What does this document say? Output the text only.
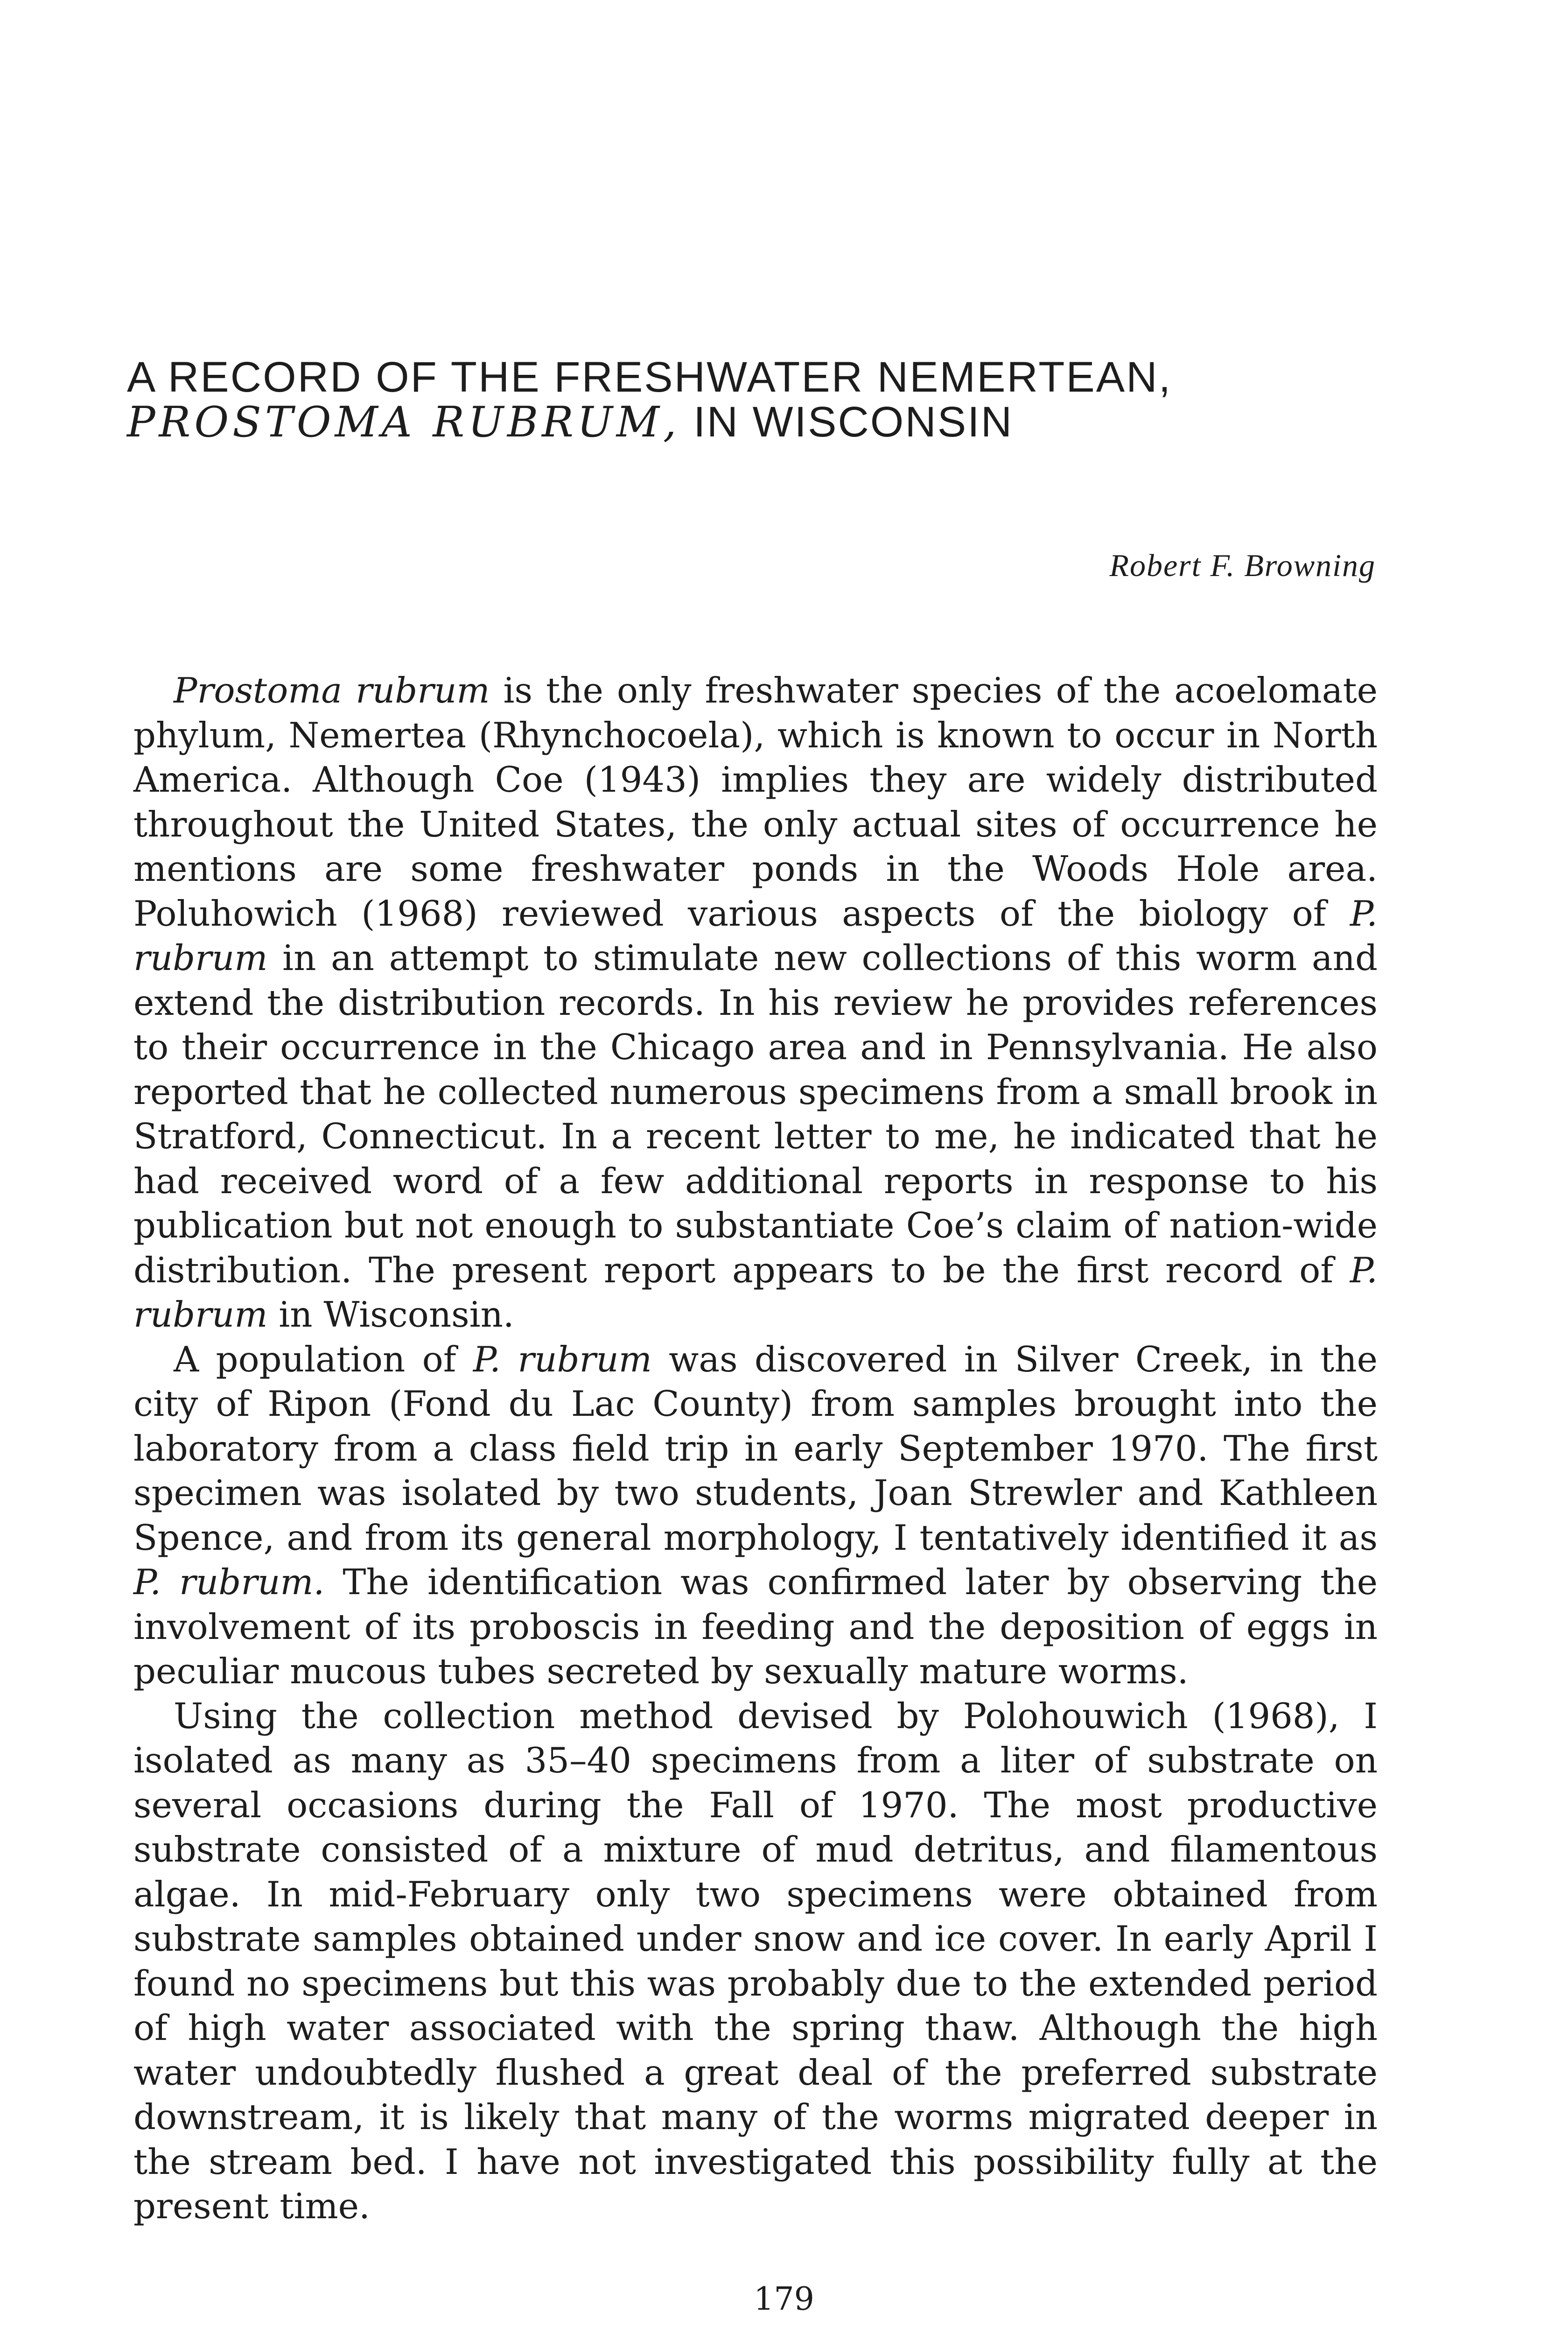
A RECORD OF THE FRESHWATER NEMERTEAN,
PROSTOMA RUBRUM, IN WISCONSIN

Robert F. Browning

Prostoma rubrum is the only freshwater species of the acoelomate phylum, Nemertea (Rhynchocoela), which is known to occur in North America. Although Coe (1943) implies they are widely distributed throughout the United States, the only actual sites of occurrence he mentions are some freshwater ponds in the Woods Hole area. Poluhowich (1968) reviewed various aspects of the biology of P. rubrum in an attempt to stimulate new collections of this worm and extend the distribution records. In his review he provides references to their occurrence in the Chicago area and in Pennsylvania. He also reported that he collected numerous specimens from a small brook in Stratford, Connecticut. In a recent letter to me, he indicated that he had received word of a few additional reports in response to his publication but not enough to substantiate Coe’s claim of nation-wide distribution. The present report appears to be the first record of P. rubrum in Wisconsin.

A population of P. rubrum was discovered in Silver Creek, in the city of Ripon (Fond du Lac County) from samples brought into the laboratory from a class field trip in early September 1970. The first specimen was isolated by two students, Joan Strewler and Kathleen Spence, and from its general morphology, I tentatively identified it as P. rubrum. The identification was confirmed later by observing the involvement of its proboscis in feeding and the deposition of eggs in peculiar mucous tubes secreted by sexually mature worms.

Using the collection method devised by Polohouwich (1968), I isolated as many as 35–40 specimens from a liter of substrate on several occasions during the Fall of 1970. The most productive substrate consisted of a mixture of mud detritus, and filamentous algae. In mid-February only two specimens were obtained from substrate samples obtained under snow and ice cover. In early April I found no specimens but this was probably due to the extended period of high water associated with the spring thaw. Although the high water undoubtedly flushed a great deal of the preferred substrate downstream, it is likely that many of the worms migrated deeper in the stream bed. I have not investigated this possibility fully at the present time.

179
